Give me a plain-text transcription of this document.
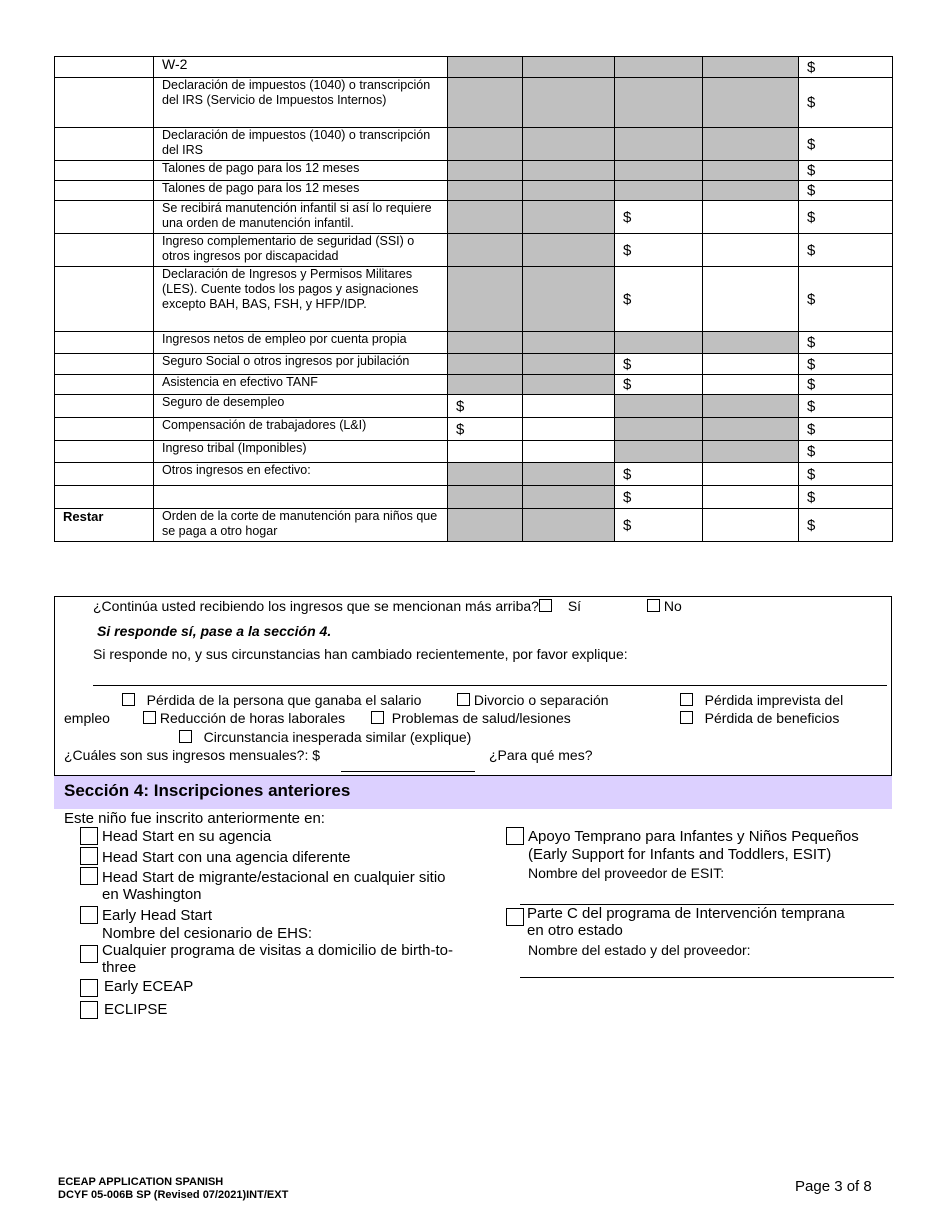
	W-2					$
	Declaración de impuestos (1040) o transcripción del IRS (Servicio de Impuestos Internos)					$
	Declaración de impuestos (1040) o transcripción del IRS					$
	Talones de pago para los 12 meses					$
	Talones de pago para los 12 meses					$
	Se recibirá manutención infantil si así lo requiere una orden de manutención infantil.			$		$
	Ingreso complementario de seguridad (SSI) o otros ingresos por discapacidad			$		$
	Declaración de Ingresos y Permisos Militares (LES). Cuente todos los pagos y asignaciones excepto BAH, BAS, FSH, y HFP/IDP.			$		$
	Ingresos netos de empleo por cuenta propia					$
	Seguro Social o otros ingresos por jubilación			$		$
	Asistencia en efectivo TANF			$		$
	Seguro de desempleo	$				$
	Compensación de trabajadores (L&I)	$				$
	Ingreso tribal (Imponibles)					$
	Otros ingresos en efectivo:			$		$
				$		$
Restar	Orden de la corte de manutención para niños que se paga a otro hogar			$		$
¿Continúa usted recibiendo los ingresos que se mencionan más arriba? Sí	No
Si responde sí, pase a la sección 4.
Si responde no, y sus circunstancias han cambiado recientemente, por favor explique:
Pérdida de la persona que ganaba el salario	Divorcio o separación	Pérdida imprevista del
empleo	Reducción de horas laborales	Problemas de salud/lesiones	Pérdida de beneficios
Circunstancia inesperada similar (explique)
¿Cuáles son sus ingresos mensuales?: $	¿Para qué mes?
Sección 4: Inscripciones anteriores
Este niño fue inscrito anteriormente en:
Head Start en su agencia
Head Start con una agencia diferente
Head Start de migrante/estacional en cualquier sitio
en Washington
Early Head Start
Nombre del cesionario de EHS:
Cualquier programa de visitas a domicilio de birth-to-
three
Early ECEAP
ECLIPSE
Apoyo Temprano para Infantes y Niños Pequeños
(Early Support for Infants and Toddlers, ESIT)
Nombre del proveedor de ESIT:
Parte C del programa de Intervención temprana
en otro estado
Nombre del estado y del proveedor:
ECEAP APPLICATION SPANISH
DCYF 05-006B SP (Revised 07/2021)INT/EXT	Page 3 of 8
